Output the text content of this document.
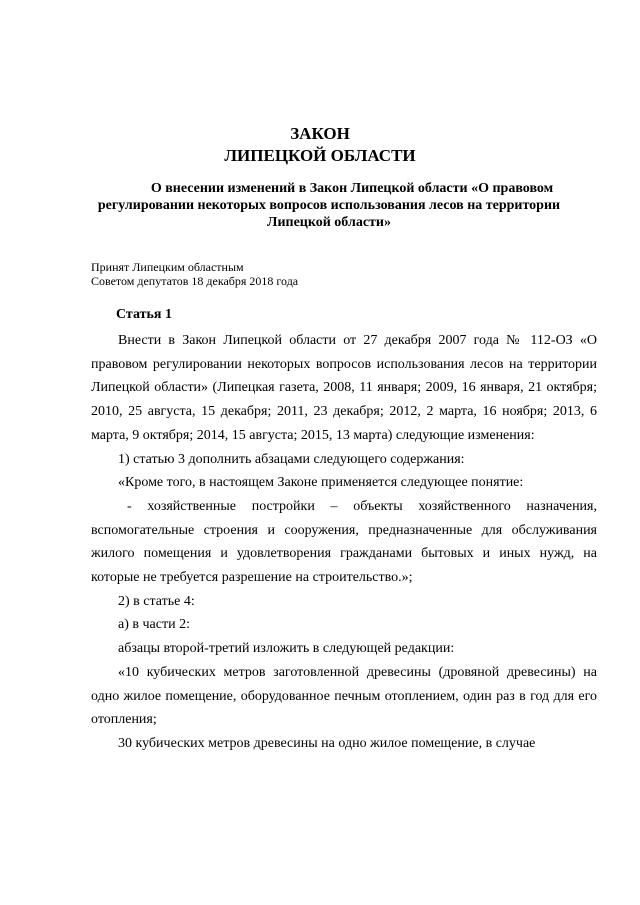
ЗАКОН
ЛИПЕЦКОЙ ОБЛАСТИ

О внесении изменений в Закон Липецкой области «О правовом регулировании некоторых вопросов использования лесов на территории Липецкой области»

Принят Липецким областным
Советом депутатов 18 декабря 2018 года

Статья 1

Внести в Закон Липецкой области от 27 декабря 2007 года № 112-ОЗ «О правовом регулировании некоторых вопросов использования лесов на территории Липецкой области» (Липецкая газета, 2008, 11 января; 2009, 16 января, 21 октября; 2010, 25 августа, 15 декабря; 2011, 23 декабря; 2012, 2 марта, 16 ноября; 2013, 6 марта, 9 октября; 2014, 15 августа; 2015, 13 марта) следующие изменения:

1) статью 3 дополнить абзацами следующего содержания:

«Кроме того, в настоящем Законе применяется следующее понятие:

- хозяйственные постройки – объекты хозяйственного назначения, вспомогательные строения и сооружения, предназначенные для обслуживания жилого помещения и удовлетворения гражданами бытовых и иных нужд, на которые не требуется разрешение на строительство.»;

2) в статье 4:

а) в части 2:

абзацы второй-третий изложить в следующей редакции:

«10 кубических метров заготовленной древесины (дровяной древесины) на одно жилое помещение, оборудованное печным отоплением, один раз в год для его отопления;

30 кубических метров древесины на одно жилое помещение, в случае
